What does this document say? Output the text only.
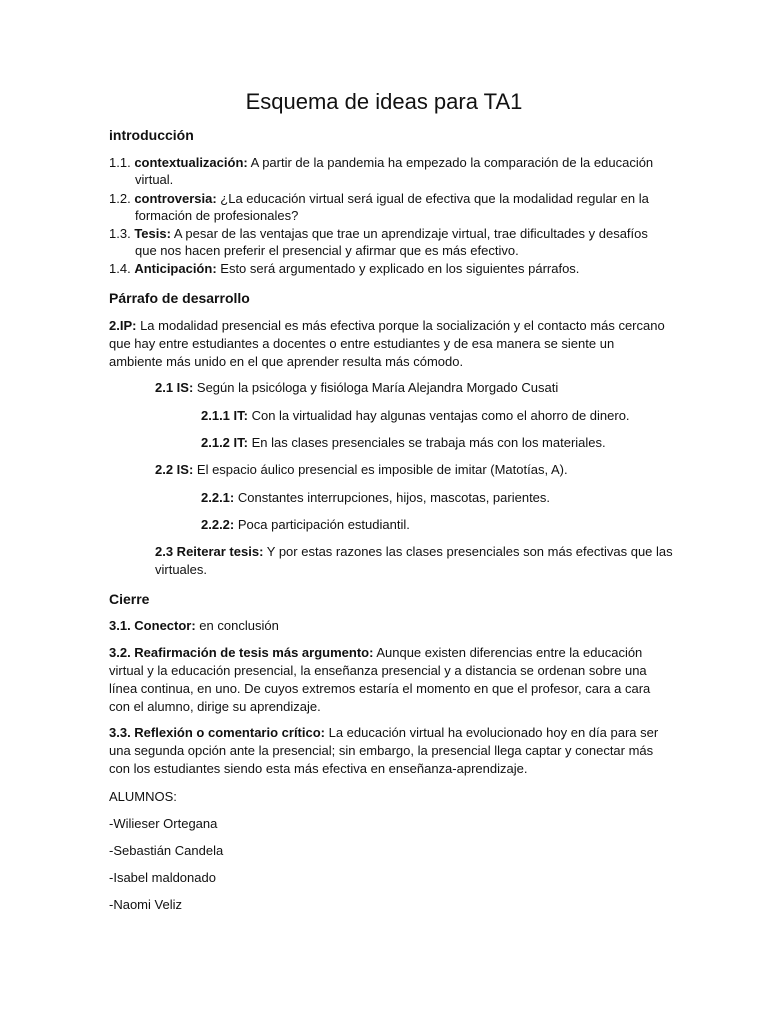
Esquema de ideas para TA1
introducción
1.1. contextualización: A partir de la pandemia ha empezado la comparación de la educación
virtual.
1.2. controversia: ¿La educación virtual será igual de efectiva que la modalidad regular en la
formación de profesionales?
1.3. Tesis: A pesar de las ventajas que trae un aprendizaje virtual, trae dificultades y desafíos
que nos hacen preferir el presencial y afirmar que es más efectivo.
1.4. Anticipación: Esto será argumentado y explicado en los siguientes párrafos.
Párrafo de desarrollo
2.IP: La modalidad presencial es más efectiva porque la socialización y el contacto más cercano
que hay entre estudiantes a docentes o entre estudiantes y de esa manera se siente un
ambiente más unido en el que aprender resulta más cómodo.
2.1 IS: Según la psicóloga y fisióloga María Alejandra Morgado Cusati
2.1.1 IT: Con la virtualidad hay algunas ventajas como el ahorro de dinero.
2.1.2 IT: En las clases presenciales se trabaja más con los materiales.
2.2 IS: El espacio áulico presencial es imposible de imitar (Matotías, A).
2.2.1: Constantes interrupciones, hijos, mascotas, parientes.
2.2.2: Poca participación estudiantil.
2.3 Reiterar tesis: Y por estas razones las clases presenciales son más efectivas que las
virtuales.
Cierre
3.1. Conector: en conclusión
3.2. Reafirmación de tesis más argumento: Aunque existen diferencias entre la educación
virtual y la educación presencial, la enseñanza presencial y a distancia se ordenan sobre una
línea continua, en uno. De cuyos extremos estaría el momento en que el profesor, cara a cara
con el alumno, dirige su aprendizaje.
3.3. Reflexión o comentario crítico: La educación virtual ha evolucionado hoy en día para ser
una segunda opción ante la presencial; sin embargo, la presencial llega captar y conectar más
con los estudiantes siendo esta más efectiva en enseñanza-aprendizaje.
ALUMNOS:
-Wilieser Ortegana
-Sebastián Candela
-Isabel maldonado
-Naomi Veliz
